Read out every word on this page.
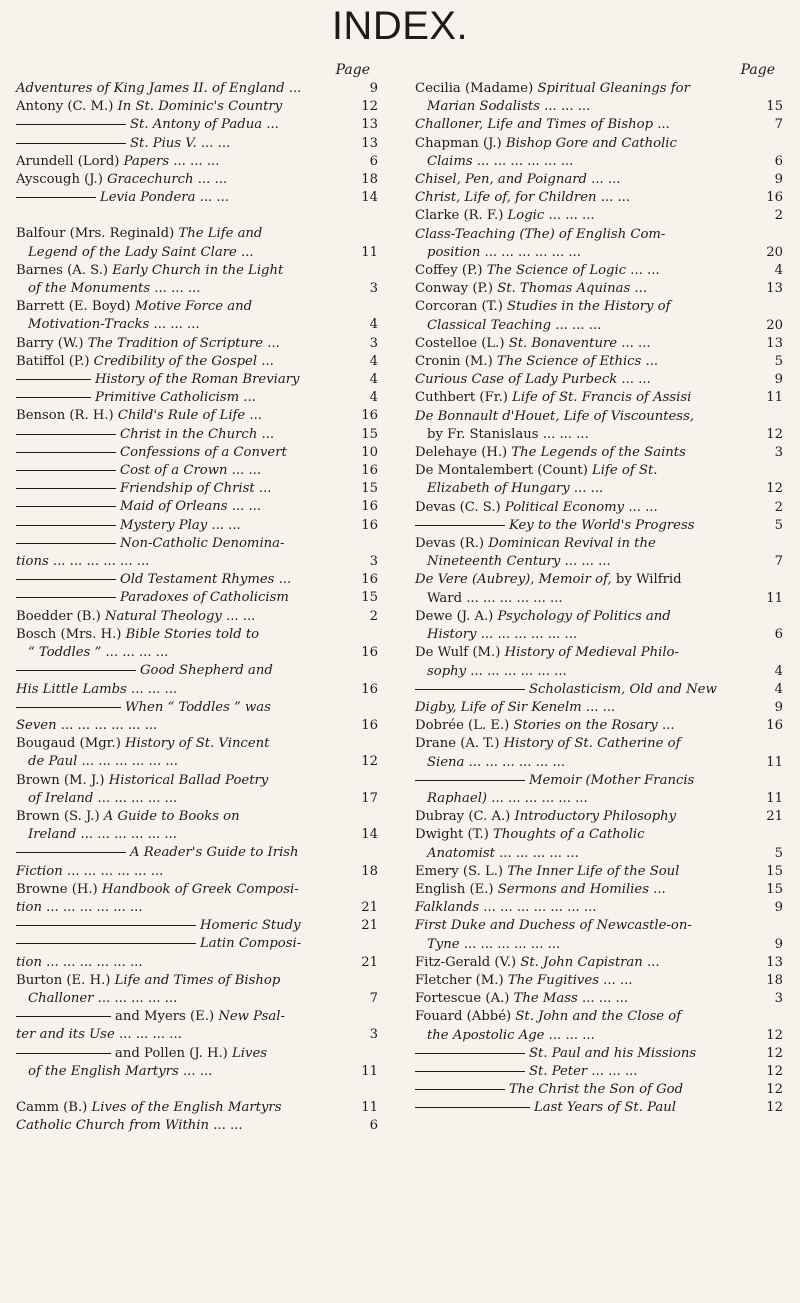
INDEX.
Page
Adventures of King James II. of England ...	9
Antony (C. M.) In St. Dominic's Country	12
St. Antony of Padua ...	13
St. Pius V. ... ...	13
Arundell (Lord) Papers ... ... ...	6
Ayscough (J.) Gracechurch ... ...	18
Levia Pondera ... ...	14
Balfour (Mrs. Reginald) The Life and
Legend of the Lady Saint Clare ...	11
Barnes (A. S.) Early Church in the Light
of the Monuments ... ... ...	3
Barrett (E. Boyd) Motive Force and
Motivation-Tracks ... ... ...	4
Barry (W.) The Tradition of Scripture ...	3
Batiffol (P.) Credibility of the Gospel ...	4
History of the Roman Breviary	4
Primitive Catholicism ...	4
Benson (R. H.) Child's Rule of Life ...	16
Christ in the Church ...	15
Confessions of a Convert	10
Cost of a Crown ... ...	16
Friendship of Christ ...	15
Maid of Orleans ... ...	16
Mystery Play ... ...	16
Non-Catholic Denomina-
tions ... ... ... ... ... ...	3
Old Testament Rhymes ...	16
Paradoxes of Catholicism	15
Boedder (B.) Natural Theology ... ...	2
Bosch (Mrs. H.) Bible Stories told to
“ Toddles ” ... ... ... ...	16
Good Shepherd and
His Little Lambs ... ... ...	16
When “ Toddles ” was
Seven ... ... ... ... ... ...	16
Bougaud (Mgr.) History of St. Vincent
de Paul ... ... ... ... ... ...	12
Brown (M. J.) Historical Ballad Poetry
of Ireland ... ... ... ... ...	17
Brown (S. J.) A Guide to Books on
Ireland ... ... ... ... ... ...	14
A Reader's Guide to Irish
Fiction ... ... ... ... ... ...	18
Browne (H.) Handbook of Greek Composi-
tion ... ... ... ... ... ...	21
Homeric Study	21
Latin Composi-
tion ... ... ... ... ... ...	21
Burton (E. H.) Life and Times of Bishop
Challoner ... ... ... ... ...	7
and Myers (E.) New Psal-
ter and its Use ... ... ... ...	3
and Pollen (J. H.) Lives
of the English Martyrs ... ...	11
Camm (B.) Lives of the English Martyrs	11
Catholic Church from Within ... ...	6
Page
Cecilia (Madame) Spiritual Gleanings for
Marian Sodalists ... ... ...	15
Challoner, Life and Times of Bishop ...	7
Chapman (J.) Bishop Gore and Catholic
Claims ... ... ... ... ... ...	6
Chisel, Pen, and Poignard ... ...	9
Christ, Life of, for Children ... ...	16
Clarke (R. F.) Logic ... ... ...	2
Class-Teaching (The) of English Com-
position ... ... ... ... ... ...	20
Coffey (P.) The Science of Logic ... ...	4
Conway (P.) St. Thomas Aquinas ...	13
Corcoran (T.) Studies in the History of
Classical Teaching ... ... ...	20
Costelloe (L.) St. Bonaventure ... ...	13
Cronin (M.) The Science of Ethics ...	5
Curious Case of Lady Purbeck ... ...	9
Cuthbert (Fr.) Life of St. Francis of Assisi	11
De Bonnault d'Houet, Life of Viscountess,
by Fr. Stanislaus ... ... ...	12
Delehaye (H.) The Legends of the Saints	3
De Montalembert (Count) Life of St.
Elizabeth of Hungary ... ...	12
Devas (C. S.) Political Economy ... ...	2
Key to the World's Progress	5
Devas (R.) Dominican Revival in the
Nineteenth Century ... ... ...	7
De Vere (Aubrey), Memoir of, by Wilfrid
Ward ... ... ... ... ... ...	11
Dewe (J. A.) Psychology of Politics and
History ... ... ... ... ... ...	6
De Wulf (M.) History of Medieval Philo-
sophy ... ... ... ... ... ...	4
Scholasticism, Old and New	4
Digby, Life of Sir Kenelm ... ...	9
Dobrée (L. E.) Stories on the Rosary ...	16
Drane (A. T.) History of St. Catherine of
Siena ... ... ... ... ... ...	11
Memoir (Mother Francis
Raphael) ... ... ... ... ... ...	11
Dubray (C. A.) Introductory Philosophy	21
Dwight (T.) Thoughts of a Catholic
Anatomist ... ... ... ... ...	5
Emery (S. L.) The Inner Life of the Soul	15
English (E.) Sermons and Homilies ...	15
Falklands ... ... ... ... ... ... ...	9
First Duke and Duchess of Newcastle-on-
Tyne ... ... ... ... ... ...	9
Fitz-Gerald (V.) St. John Capistran ...	13
Fletcher (M.) The Fugitives ... ...	18
Fortescue (A.) The Mass ... ... ...	3
Fouard (Abbé) St. John and the Close of
the Apostolic Age ... ... ...	12
St. Paul and his Missions	12
St. Peter ... ... ...	12
The Christ the Son of God	12
Last Years of St. Paul	12
